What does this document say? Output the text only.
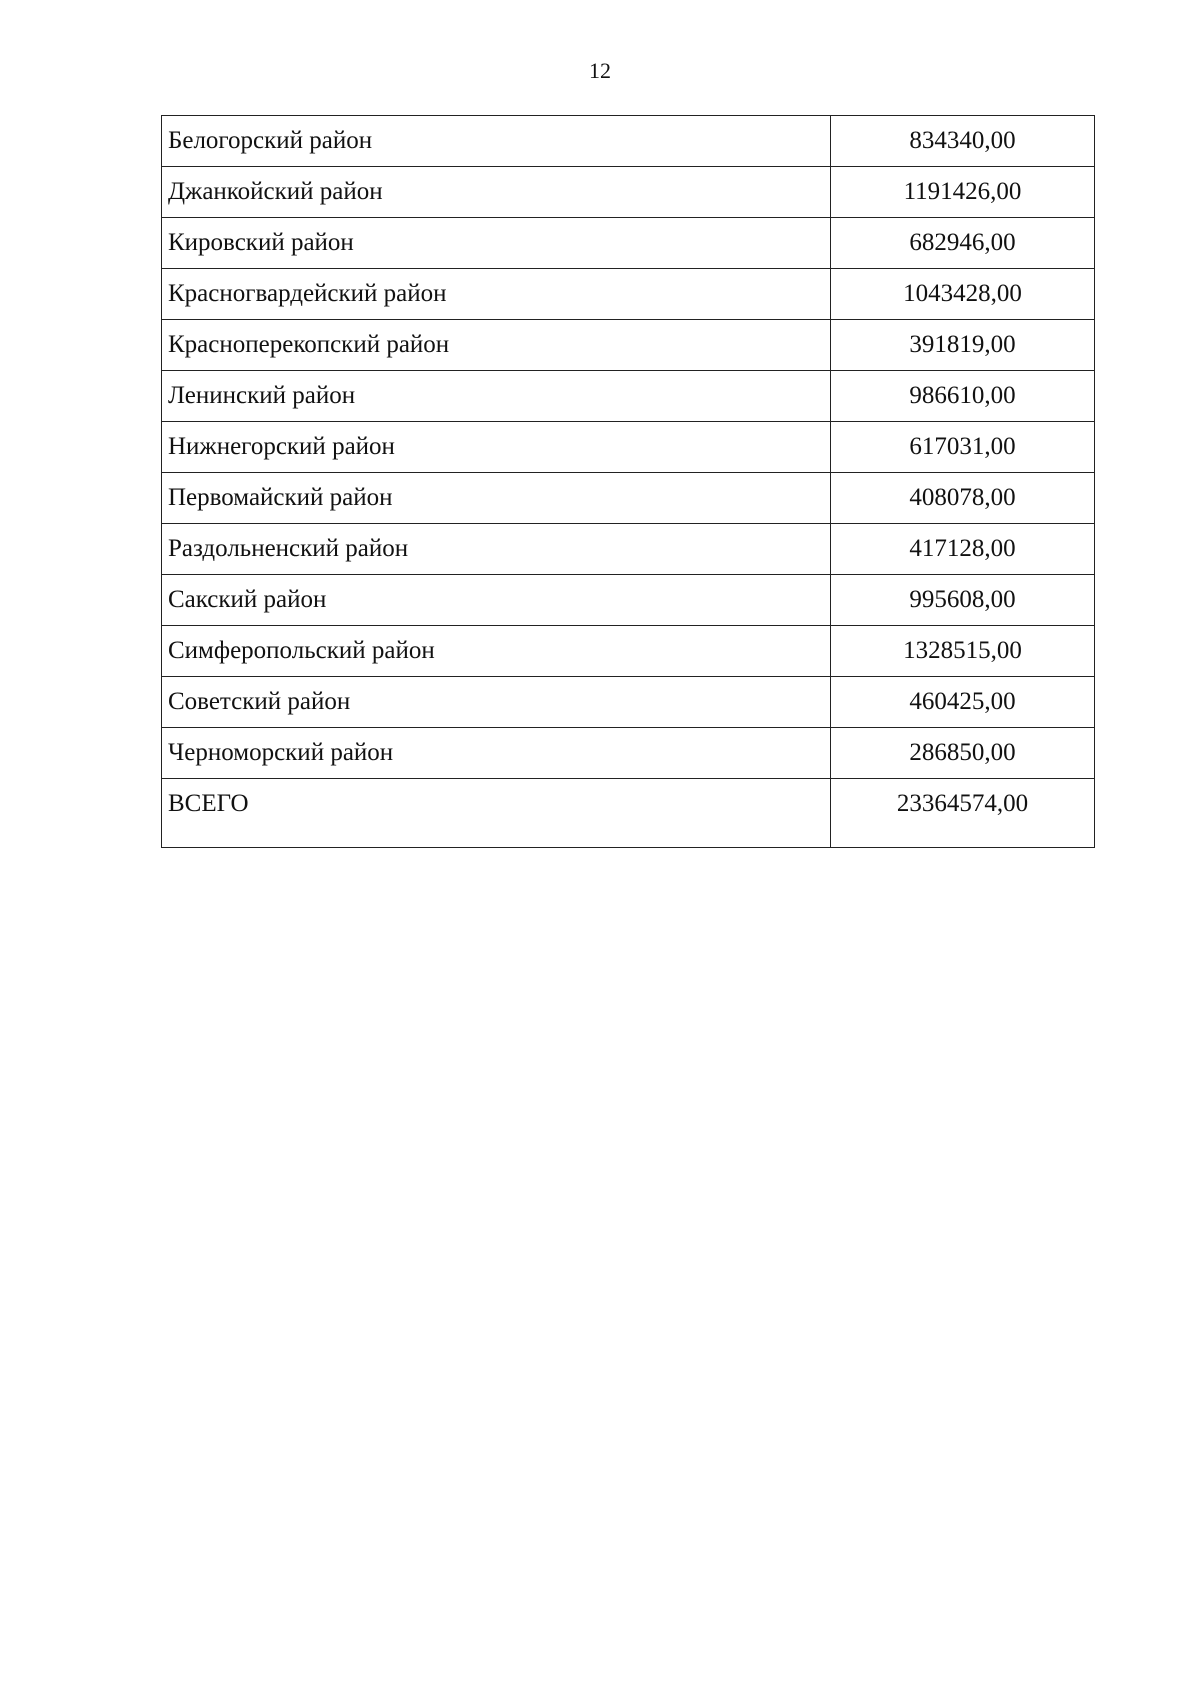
12
Белогорский район	834340,00
Джанкойский район	1191426,00
Кировский район	682946,00
Красногвардейский район	1043428,00
Красноперекопский район	391819,00
Ленинский район	986610,00
Нижнегорский район	617031,00
Первомайский район	408078,00
Раздольненский район	417128,00
Сакский район	995608,00
Симферопольский район	1328515,00
Советский район	460425,00
Черноморский район	286850,00
ВСЕГО	23364574,00
